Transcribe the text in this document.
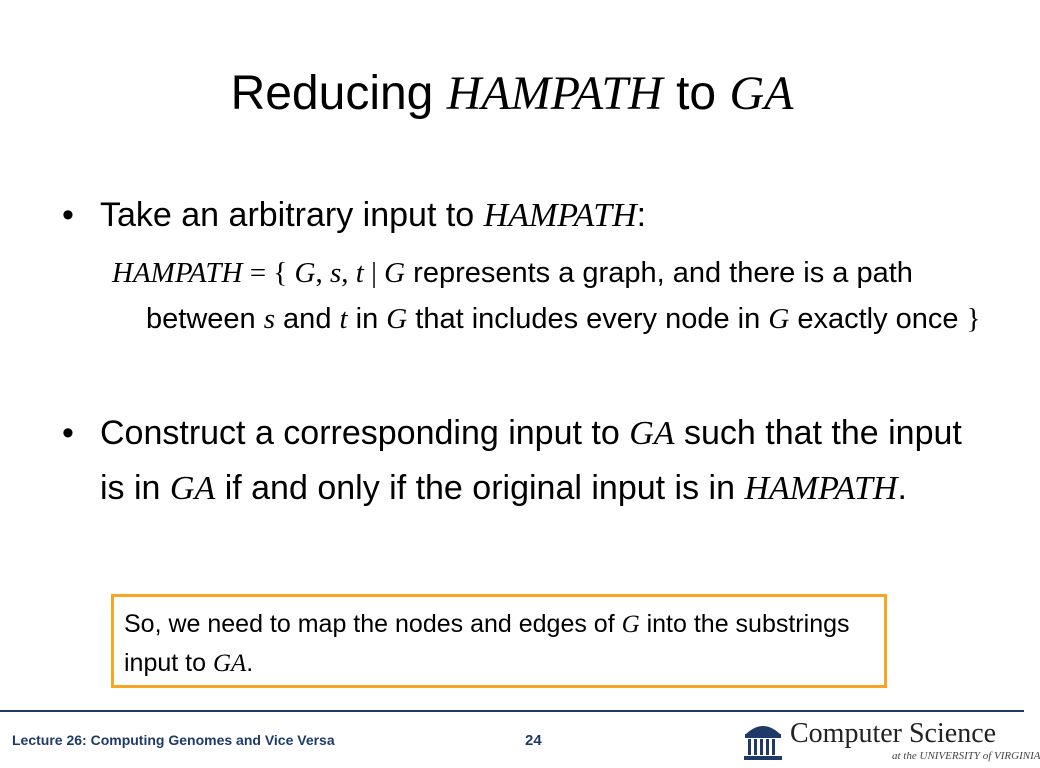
Reducing HAMPATH to GA
• Take an arbitrary input to HAMPATH:
HAMPATH = { G, s, t | G represents a graph, and there is a path between s and t in G that includes every node in G exactly once }
• Construct a corresponding input to GA such that the input is in GA if and only if the original input is in HAMPATH.
So, we need to map the nodes and edges of G into the substrings input to GA.
Lecture 26: Computing Genomes and Vice Versa	24	Computer Science
at the UNIVERSITY of VIRGINIA
